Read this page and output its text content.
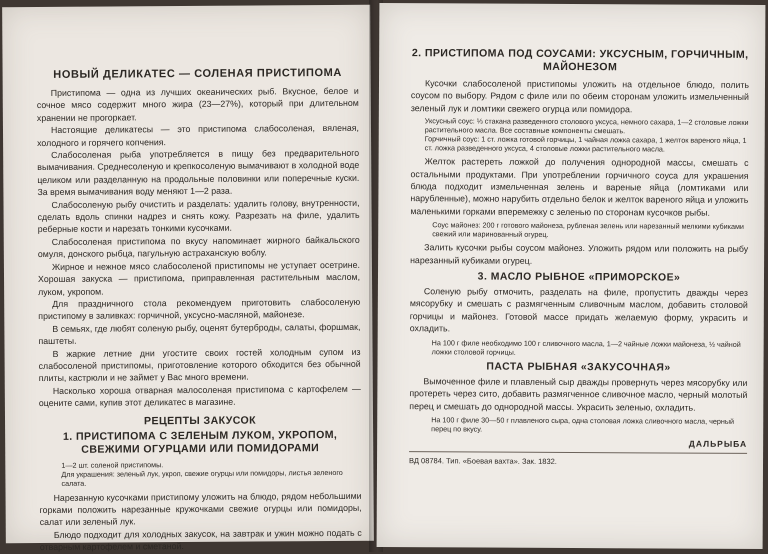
НОВЫЙ ДЕЛИКАТЕС — СОЛЕНАЯ ПРИСТИПОМА

Пристипома — одна из лучших океанических рыб. Вкусное, белое и сочное мясо содержит много жира (23—27%), который при длительном хранении не прогоркает.

Настоящие деликатесы — это пристипома слабосоленая, вяленая, холодного и горячего копчения.

Слабосоленая рыба употребляется в пищу без предварительного вымачивания. Среднесоленую и крепкосоленую вымачивают в холодной воде целиком или разделанную на продольные половинки или поперечные куски. За время вымачивания воду меняют 1—2 раза.

Слабосоленую рыбу очистить и разделать: удалить голову, внутренности, сделать вдоль спинки надрез и снять кожу. Разрезать на филе, удалить реберные кости и нарезать тонкими кусочками.

Слабосоленая пристипома по вкусу напоминает жирного байкальского омуля, донского рыбца, пагульную астраханскую воблу.

Жирное и нежное мясо слабосоленой пристипомы не уступает осетрине. Хорошая закуска — пристипома, приправленная растительным маслом, луком, укропом.

Для праздничного стола рекомендуем приготовить слабосоленую пристипому в заливках: горчичной, уксусно-масляной, майонезе.

В семьях, где любят соленую рыбу, оценят бутерброды, салаты, форшмак, паштеты.

В жаркие летние дни угостите своих гостей холодным супом из слабосоленой пристипомы, приготовление которого обходится без обычной плиты, кастрюли и не займет у Вас много времени.

Насколько хороша отварная малосоленая пристипома с картофелем — оцените сами, купив этот деликатес в магазине.

РЕЦЕПТЫ ЗАКУСОК
1. ПРИСТИПОМА С ЗЕЛЕНЫМ ЛУКОМ, УКРОПОМ, СВЕЖИМИ ОГУРЦАМИ ИЛИ ПОМИДОРАМИ

1—2 шт. соленой пристипомы.

Для украшения: зеленый лук, укроп, свежие огурцы или помидоры, листья зеленого салата.

Нарезанную кусочками пристипому уложить на блюдо, рядом небольшими горками положить нарезанные кружочками свежие огурцы или помидоры, салат или зеленый лук.

Блюдо подходит для холодных закусок, на завтрак и ужин можно подать с отварным картофелем и сметаной.

2. ПРИСТИПОМА ПОД СОУСАМИ: УКСУСНЫМ, ГОРЧИЧНЫМ, МАЙОНЕЗОМ

Кусочки слабосоленой пристипомы уложить на отдельное блюдо, полить соусом по выбору. Рядом с филе или по обеим сторонам уложить измельченный зеленый лук и ломтики свежего огурца или помидора.

Уксусный соус: ⅓ стакана разведенного столового уксуса, немного сахара, 1—2 столовые ложки растительного масла. Все составные компоненты смешать.

Горчичный соус: 1 ст. ложка готовой горчицы, 1 чайная ложка сахара, 1 желток вареного яйца, 1 ст. ложка разведенного уксуса, 4 столовые ложки растительного масла.

Желток растереть ложкой до получения однородной массы, смешать с остальными продуктами. При употреблении горчичного соуса для украшения блюда подходит измельченная зелень и вареные яйца (ломтиками или нарубленные), можно нарубить отдельно белок и желток вареного яйца и уложить маленькими горками вперемежку с зеленью по сторонам кусочков рыбы.

Соус майонез: 200 г готового майонеза, рубленая зелень или нарезанный мелкими кубиками свежий или маринованный огурец.

Залить кусочки рыбы соусом майонез. Уложить рядом или положить на рыбу нарезанный кубиками огурец.

3. МАСЛО РЫБНОЕ «ПРИМОРСКОЕ»

Соленую рыбу отмочить, разделать на филе, пропустить дважды через мясорубку и смешать с размягченным сливочным маслом, добавить столовой горчицы и майонез. Готовой массе придать желаемую форму, украсить и охладить.

На 100 г филе необходимо 100 г сливочного масла, 1—2 чайные ложки майонеза, ½ чайной ложки столовой горчицы.

ПАСТА РЫБНАЯ «ЗАКУСОЧНАЯ»

Вымоченное филе и плавленый сыр дважды провернуть через мясорубку или протереть через сито, добавить размягченное сливочное масло, черный молотый перец и смешать до однородной массы. Украсить зеленью, охладить.

На 100 г филе 30—50 г плавленого сыра, одна столовая ложка сливочного масла, черный перец по вкусу.

ДАЛЬРЫБА
ВД 08784. Тип. «Боевая вахта». Зак. 1832.
